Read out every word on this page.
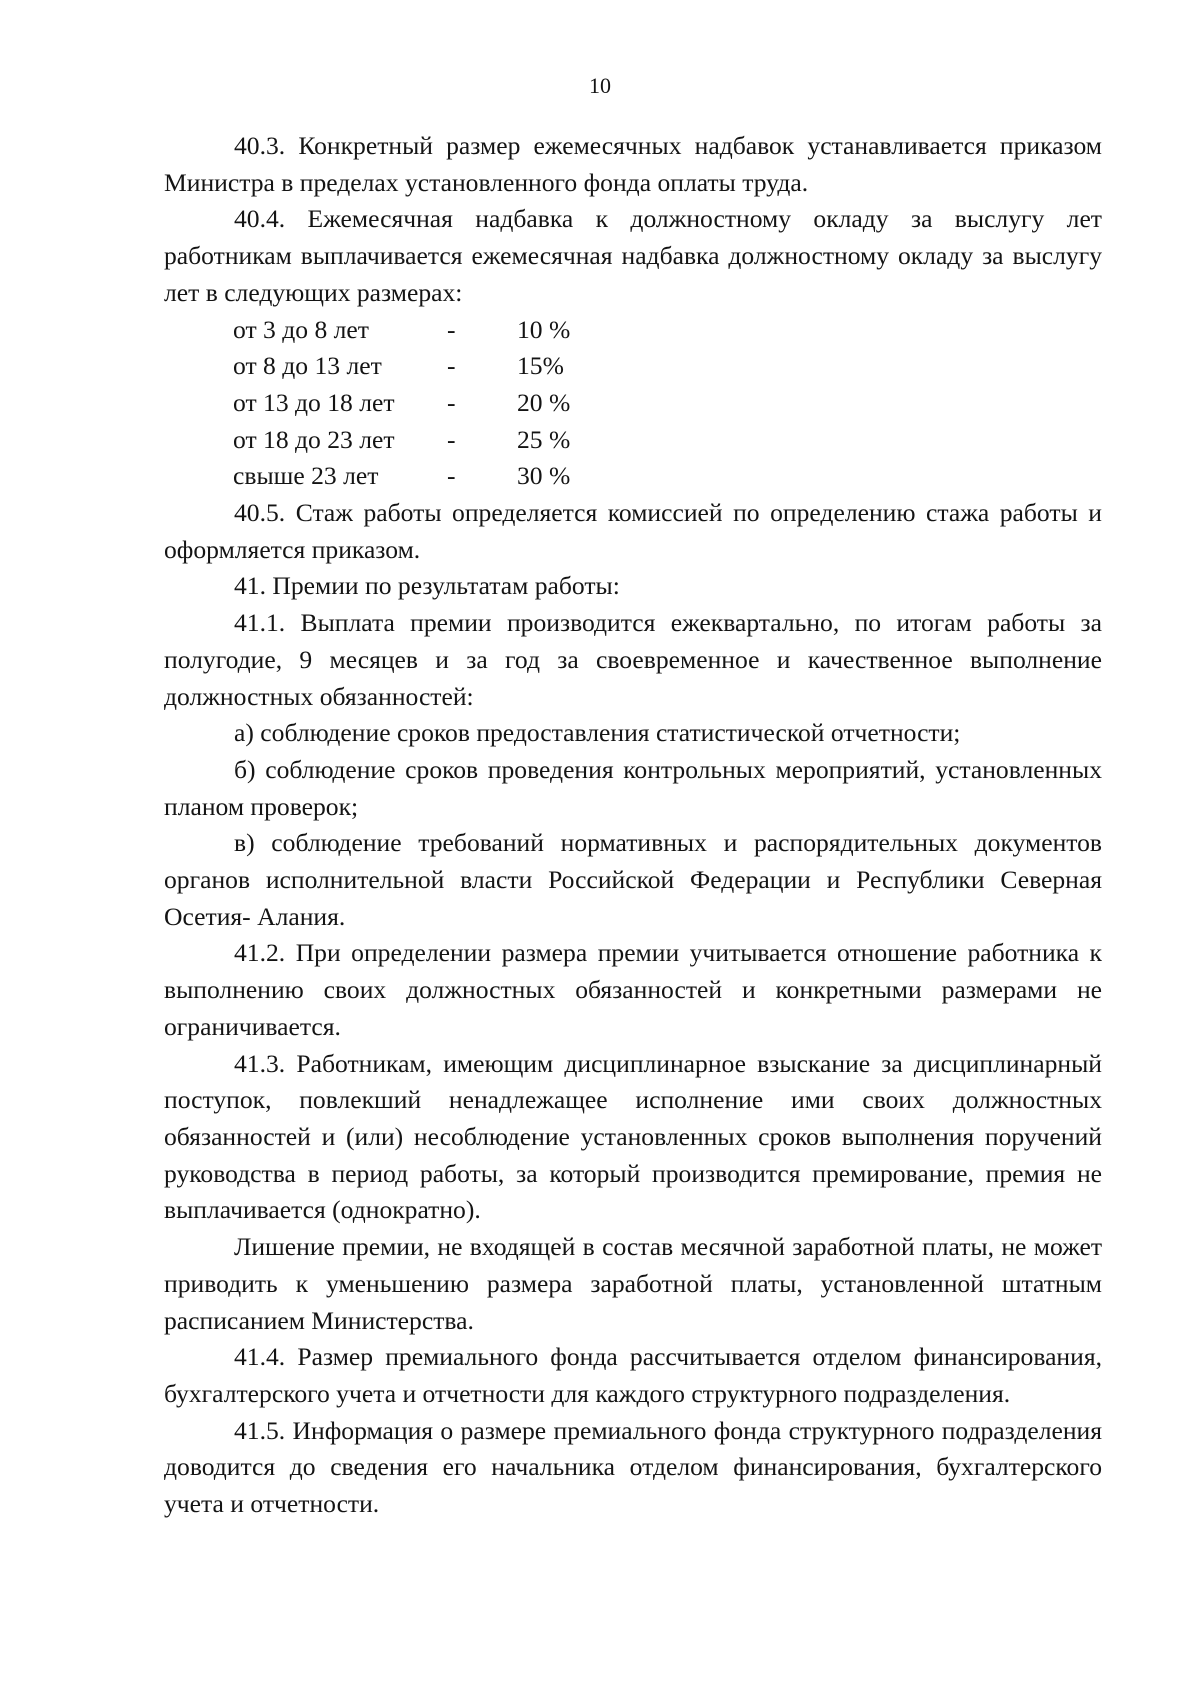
10

40.3. Конкретный размер ежемесячных надбавок устанавливается приказом Министра в пределах установленного фонда оплаты труда.

40.4. Ежемесячная надбавка к должностному окладу за выслугу лет работникам выплачивается ежемесячная надбавка должностному окладу за выслугу лет в следующих размерах:

от 3 до 8 лет	-	10 %
от 8 до 13 лет	-	15%
от 13 до 18 лет	-	20 %
от 18 до 23 лет	-	25 %
свыше 23 лет	-	30 %

40.5. Стаж работы определяется комиссией по определению стажа работы и оформляется приказом.

41. Премии по результатам работы:

41.1. Выплата премии производится ежеквартально, по итогам работы за полугодие, 9 месяцев и за год за своевременное и качественное выполнение должностных обязанностей:

а) соблюдение сроков предоставления статистической отчетности;

б) соблюдение сроков проведения контрольных мероприятий, установленных планом проверок;

в) соблюдение требований нормативных и распорядительных документов органов исполнительной власти Российской Федерации и Республики Северная Осетия- Алания.

41.2. При определении размера премии учитывается отношение работника к выполнению своих должностных обязанностей и конкретными размерами не ограничивается.

41.3. Работникам, имеющим дисциплинарное взыскание за дисциплинарный поступок, повлекший ненадлежащее исполнение ими своих должностных обязанностей и (или) несоблюдение установленных сроков выполнения поручений руководства в период работы, за который производится премирование, премия не выплачивается (однократно).

Лишение премии, не входящей в состав месячной заработной платы, не может приводить к уменьшению размера заработной платы, установленной штатным расписанием Министерства.

41.4. Размер премиального фонда рассчитывается отделом финансирования, бухгалтерского учета и отчетности для каждого структурного подразделения.

41.5. Информация о размере премиального фонда структурного подразделения доводится до сведения его начальника отделом финансирования, бухгалтерского учета и отчетности.
